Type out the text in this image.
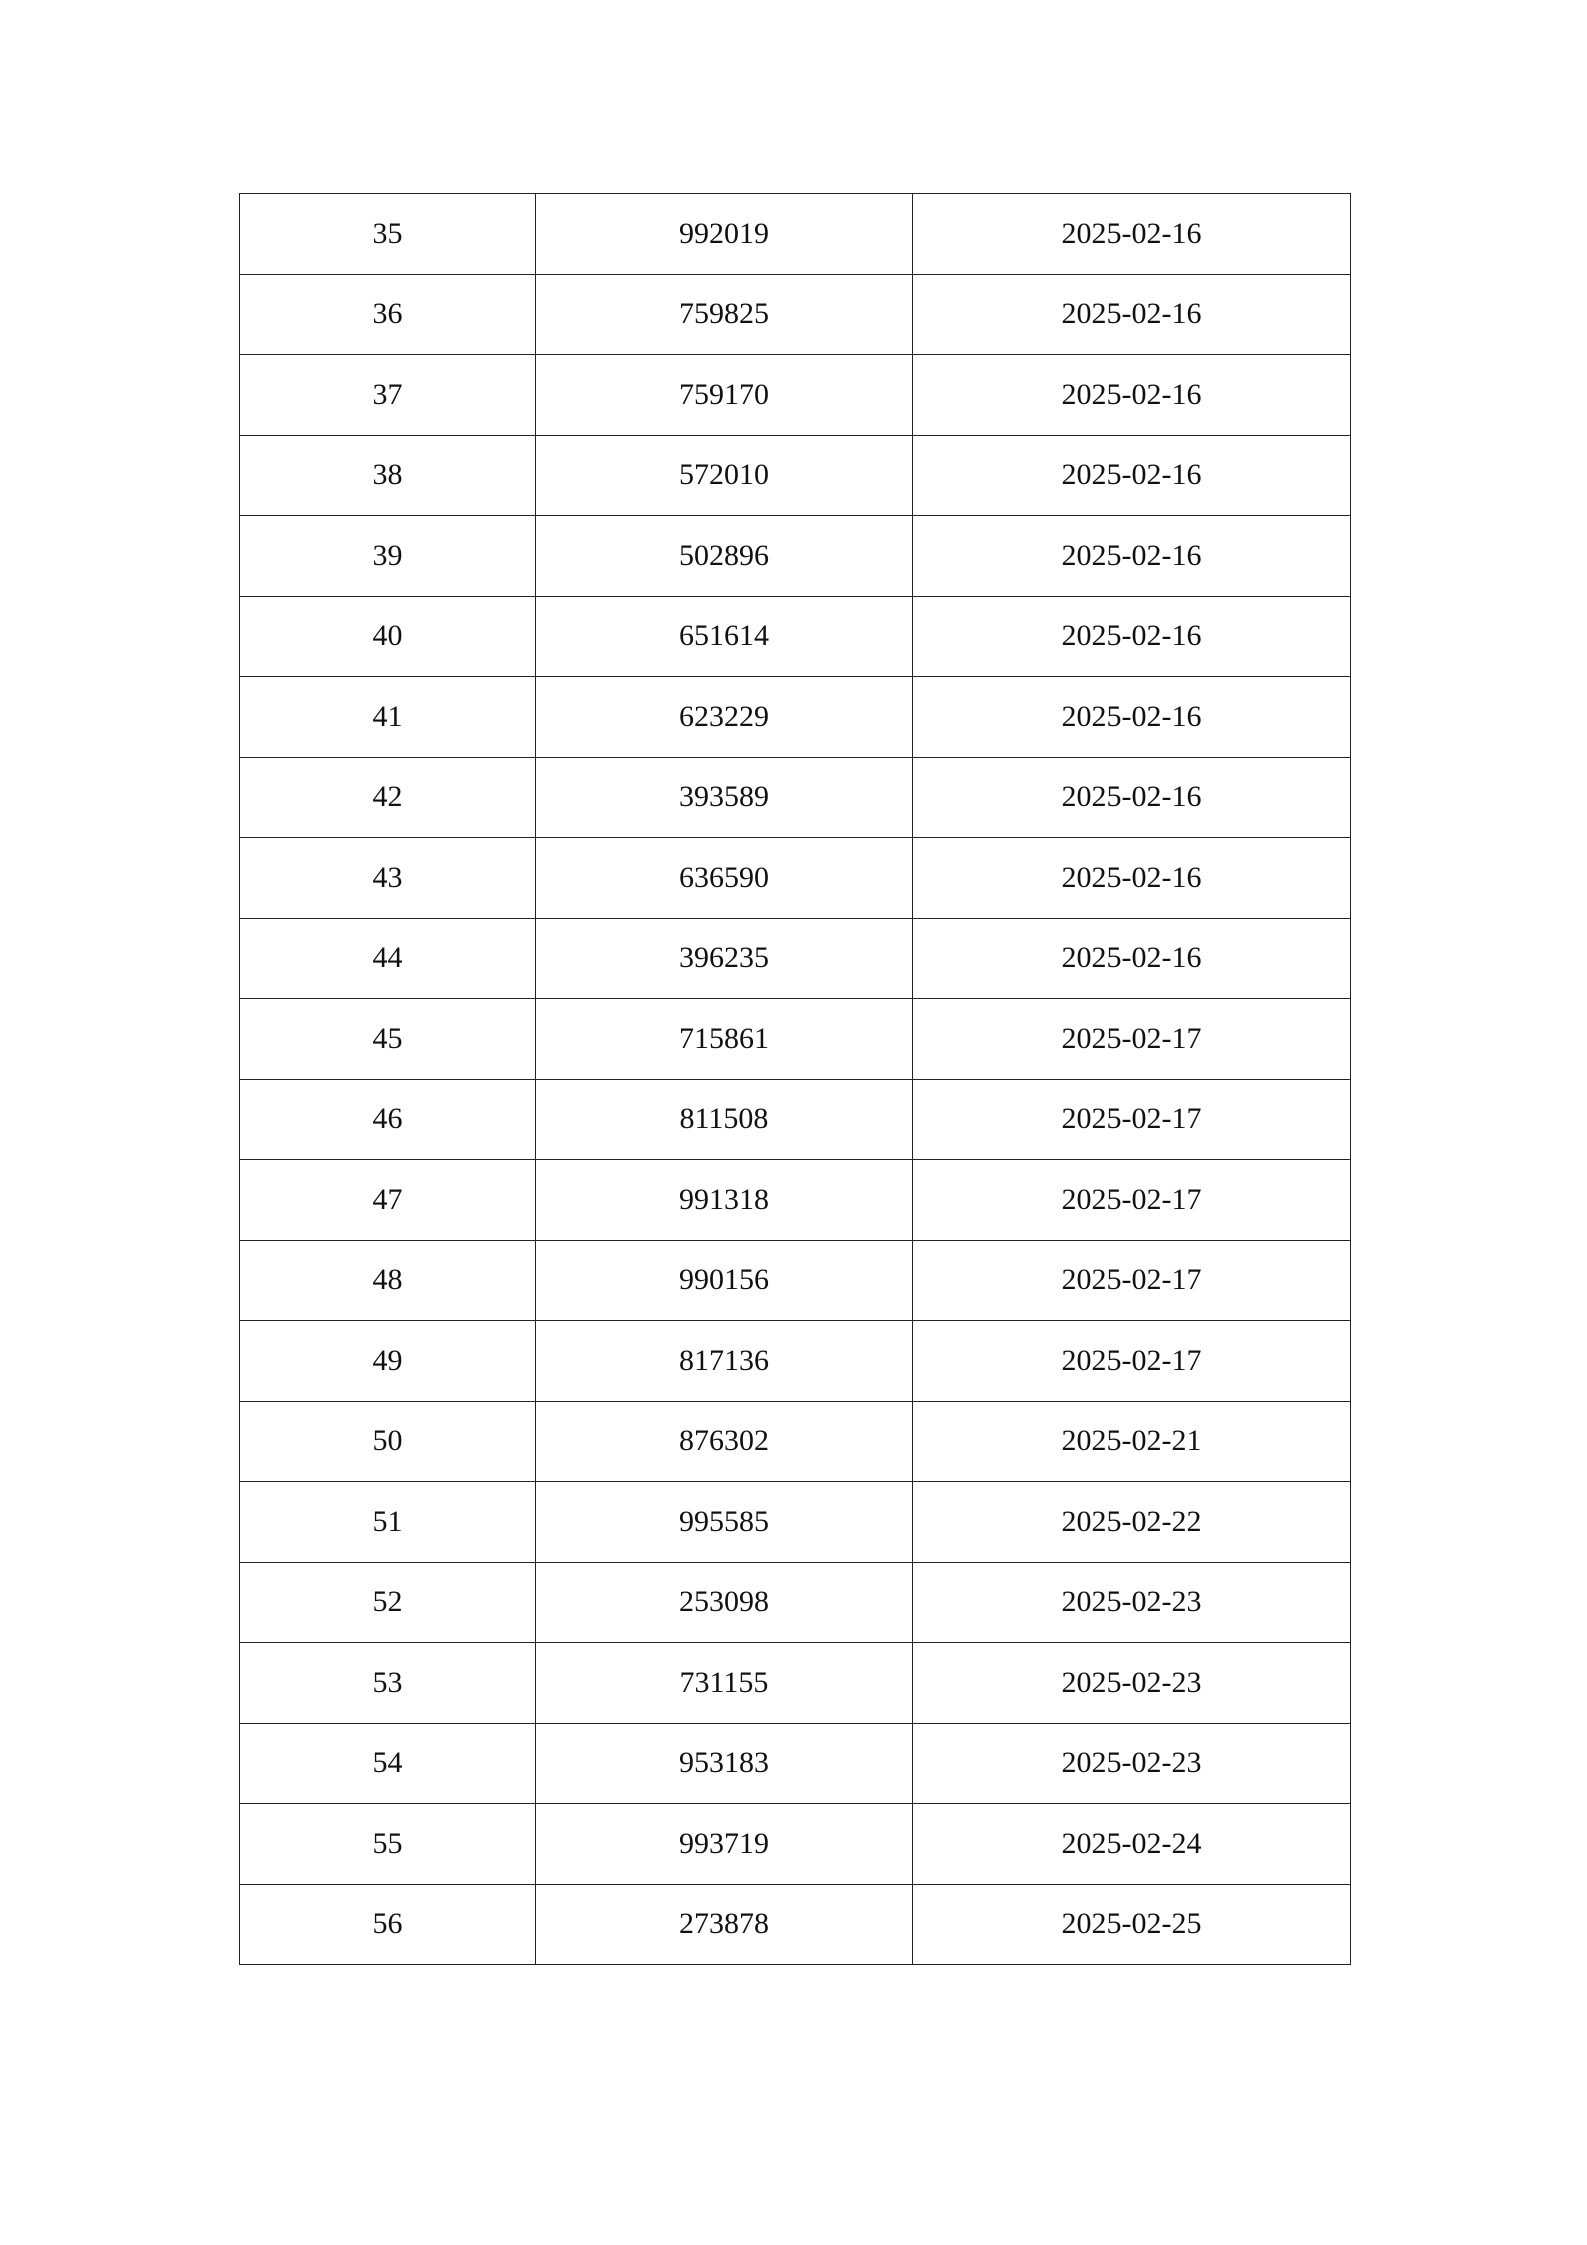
35	992019	2025-02-16
36	759825	2025-02-16
37	759170	2025-02-16
38	572010	2025-02-16
39	502896	2025-02-16
40	651614	2025-02-16
41	623229	2025-02-16
42	393589	2025-02-16
43	636590	2025-02-16
44	396235	2025-02-16
45	715861	2025-02-17
46	811508	2025-02-17
47	991318	2025-02-17
48	990156	2025-02-17
49	817136	2025-02-17
50	876302	2025-02-21
51	995585	2025-02-22
52	253098	2025-02-23
53	731155	2025-02-23
54	953183	2025-02-23
55	993719	2025-02-24
56	273878	2025-02-25
